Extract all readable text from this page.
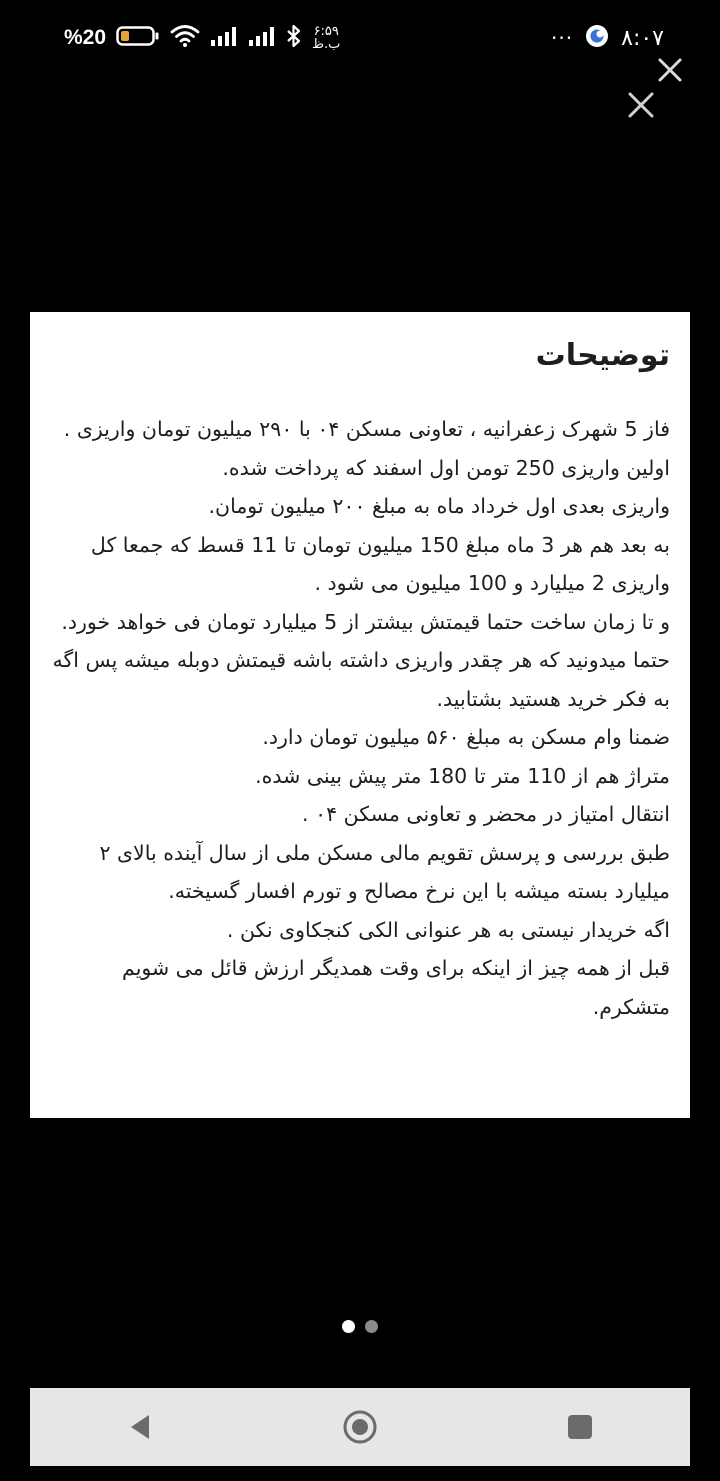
%20	۶:۵۹
ب.ظ	··· ۸:۰۷
توضیحات

فاز 5 شهرک زعفرانیه ، تعاونی مسکن ۰۴ با ۲۹۰ میلیون تومان واریزی .

اولین واریزی 250 تومن اول اسفند که پرداخت شده.

واریزی بعدی اول خرداد ماه به مبلغ ۲۰۰ میلیون تومان.

به بعد هم هر 3 ماه مبلغ 150 میلیون تومان تا 11 قسط که جمعا کل واریزی 2 میلیارد و 100 میلیون می شود .

و تا زمان ساخت حتما قیمتش بیشتر از 5 میلیارد تومان فی خواهد خورد.

حتما میدونید که هر چقدر واریزی داشته باشه قیمتش دوبله میشه پس اگه به فکر خرید هستید بشتابید.

ضمنا وام مسکن به مبلغ ۵۶۰ میلیون تومان دارد.

متراژ هم از 110 متر تا 180 متر پیش بینی شده.

انتقال امتیاز در محضر و تعاونی مسکن ۰۴ .

طبق بررسی و پرسش تقویم مالی مسکن ملی از سال آینده بالای ۲ میلیارد بسته میشه با این نرخ مصالح و تورم افسار گسیخته.

اگه خریدار نیستی به هر عنوانی الکی کنجکاوی نکن .

قبل از همه چیز از اینکه برای وقت همدیگر ارزش قائل می شویم متشکرم.
